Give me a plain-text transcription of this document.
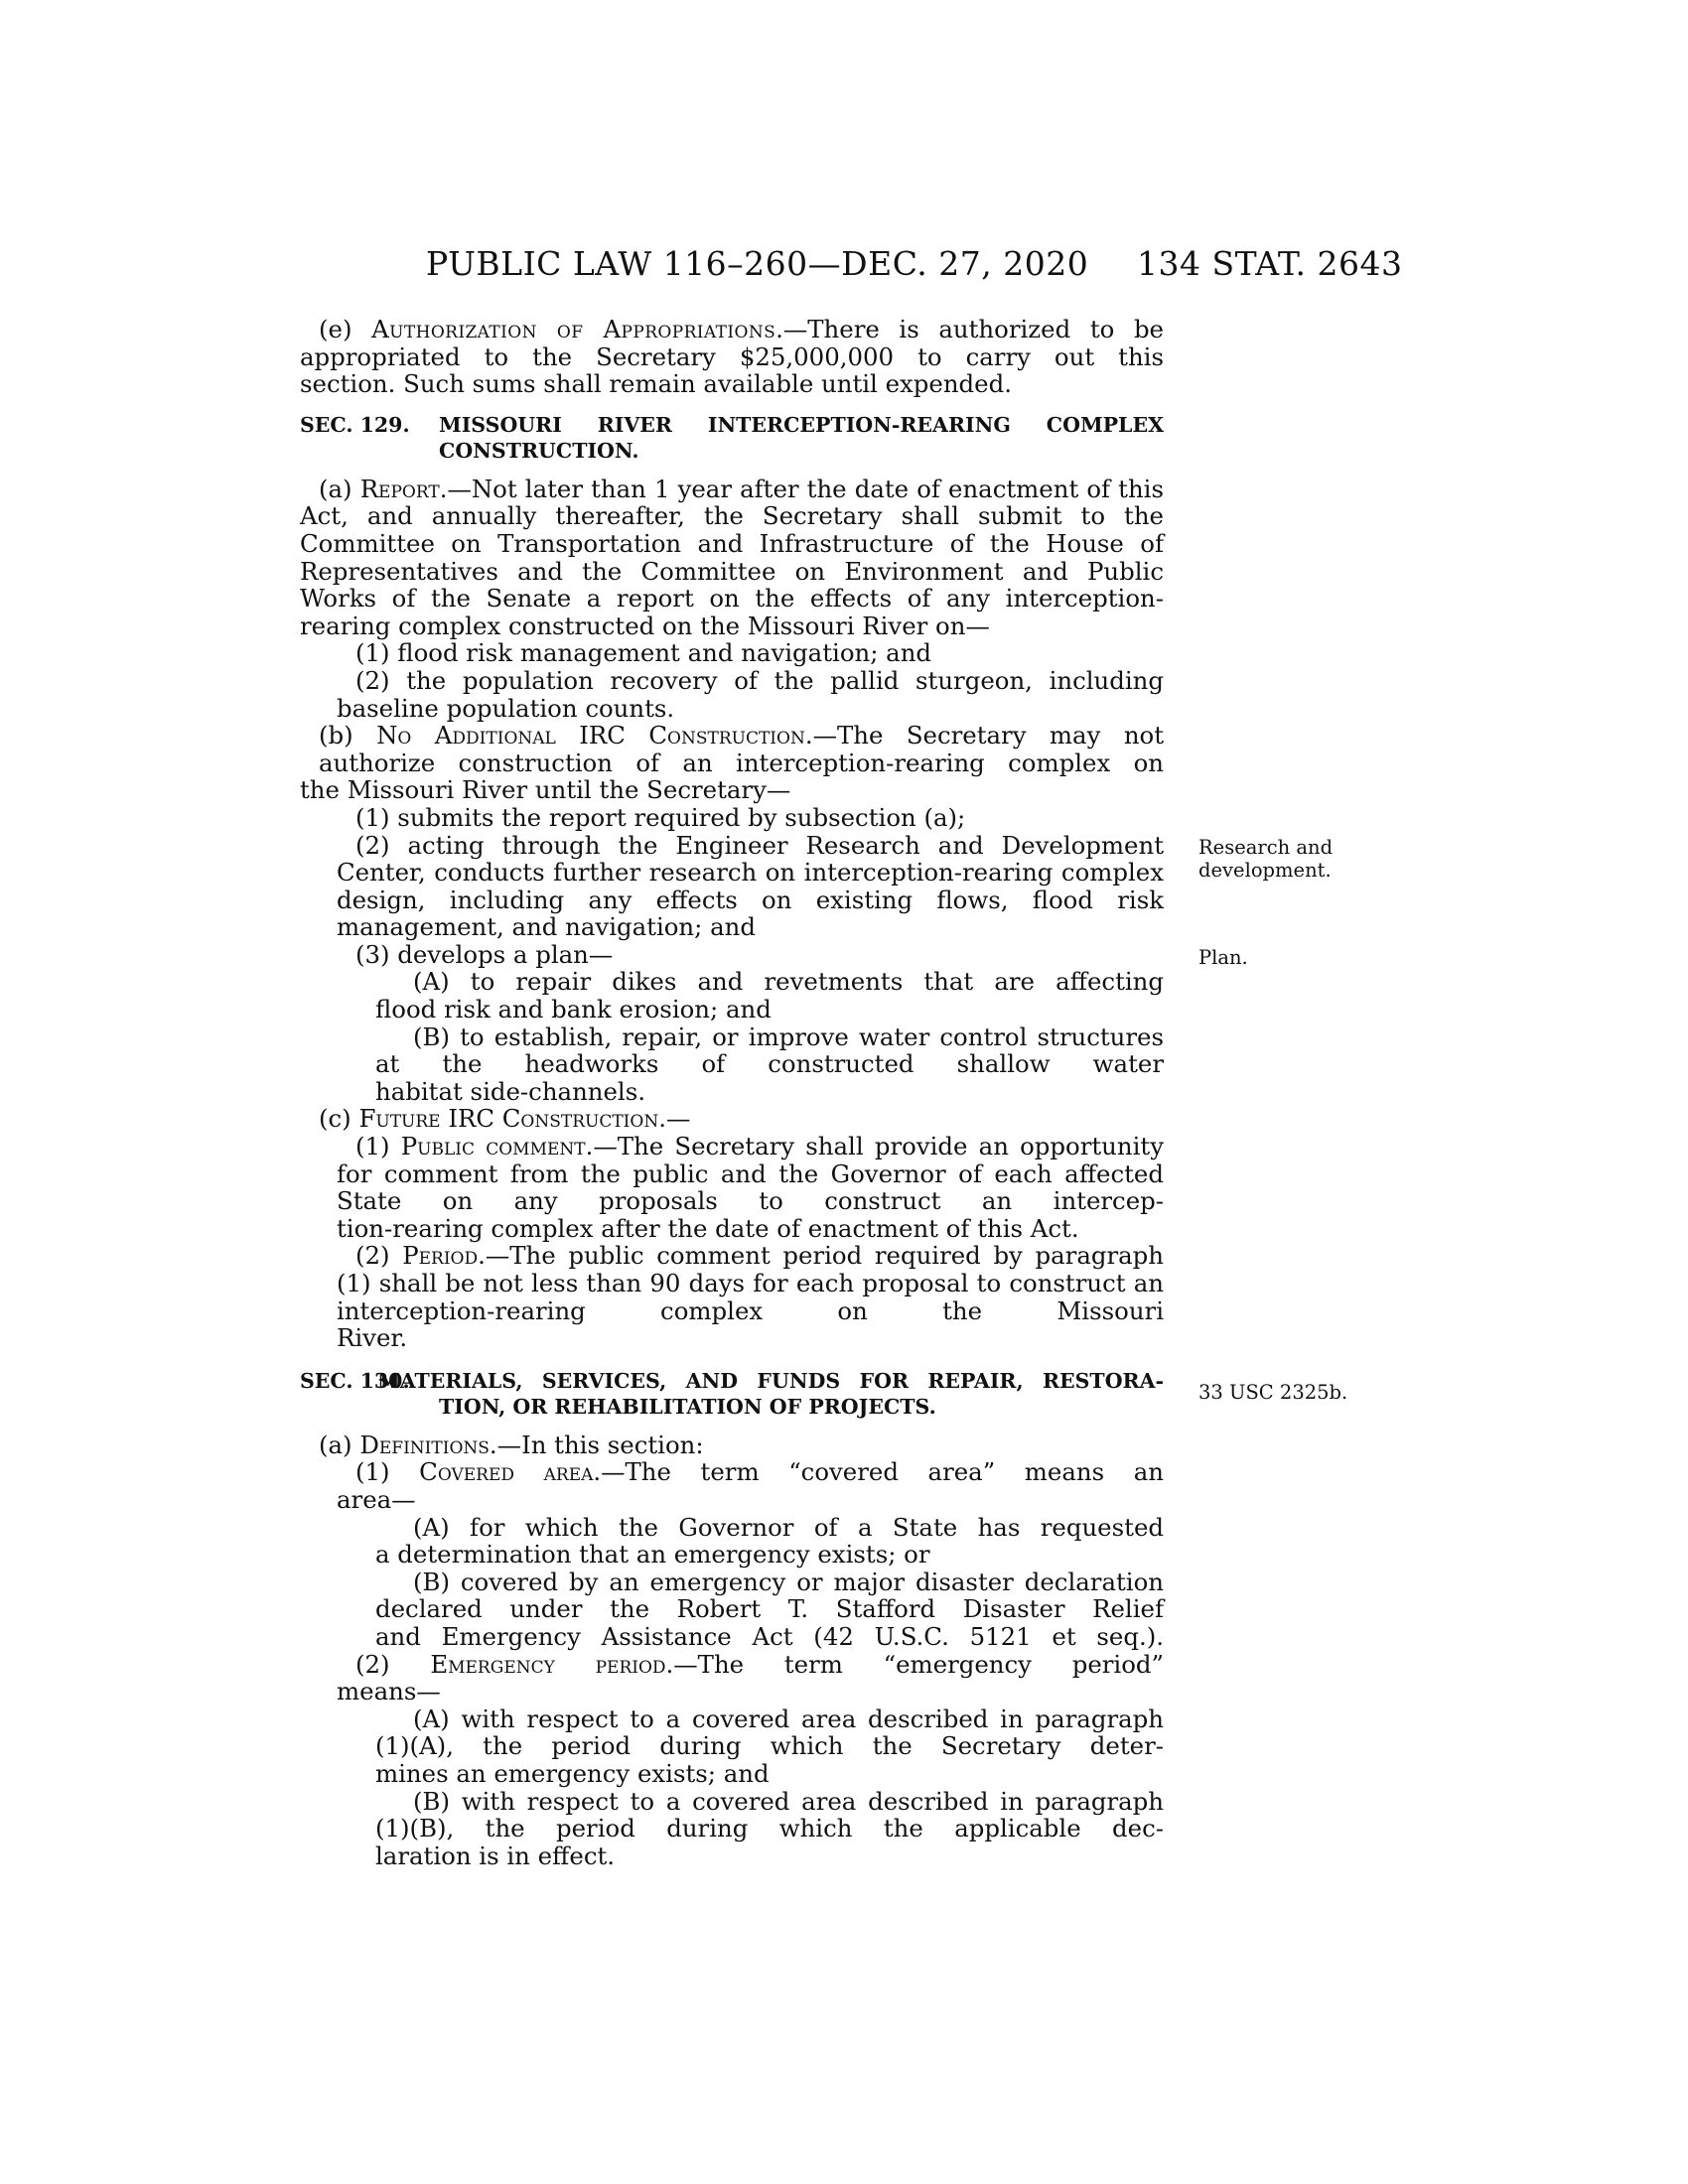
PUBLIC LAW 116–260—DEC. 27, 2020 134 STAT. 2643
Research and
development.
Plan.
33 USC 2325b.

(e) Authorization of Appropriations.—There is authorized to be appropriated to the Secretary $25,000,000 to carry out this

section. Such sums shall remain available until expended.

SEC. 129.	MISSOURI RIVER INTERCEPTION-REARING COMPLEX
CONSTRUCTION.

(a) Report.—Not later than 1 year after the date of enactment of this Act, and annually thereafter, the Secretary shall submit to the Committee on Transportation and Infrastructure of the House of Representatives and the Committee on Environment and Public Works of the Senate a report on the effects of any interception-

rearing complex constructed on the Missouri River on—

(1) flood risk management and navigation; and

(2) the population recovery of the pallid sturgeon, including

baseline population counts.

(b) No Additional IRC Construction.—The Secretary may not authorize construction of an interception-rearing complex on

the Missouri River until the Secretary—

(1) submits the report required by subsection (a);

(2) acting through the Engineer Research and Development Center, conducts further research on interception-rearing complex design, including any effects on existing flows, flood risk

management, and navigation; and

(3) develops a plan—

(A) to repair dikes and revetments that are affecting

flood risk and bank erosion; and

(B) to establish, repair, or improve water control structures at the headworks of constructed shallow water

habitat side-channels.

(c) Future IRC Construction.—

(1) Public comment.—The Secretary shall provide an opportunity for comment from the public and the Governor of each affected State on any proposals to construct an intercep-

tion-rearing complex after the date of enactment of this Act.

(2) Period.—The public comment period required by paragraph (1) shall be not less than 90 days for each proposal to construct an interception-rearing complex on the Missouri

River.

SEC. 130.
MATERIALS, SERVICES, AND FUNDS FOR REPAIR, RESTORA-
TION, OR REHABILITATION OF PROJECTS.

(a) Definitions.—In this section:

(1) Covered area.—The term “covered area” means an

area—

(A) for which the Governor of a State has requested

a determination that an emergency exists; or

(B) covered by an emergency or major disaster declaration declared under the Robert T. Stafford Disaster Relief

and Emergency Assistance Act (42 U.S.C. 5121 et seq.).

(2) Emergency period.—The term “emergency period”

means—

(A) with respect to a covered area described in paragraph (1)(A), the period during which the Secretary deter-

mines an emergency exists; and

(B) with respect to a covered area described in paragraph (1)(B), the period during which the applicable dec-

laration is in effect.
